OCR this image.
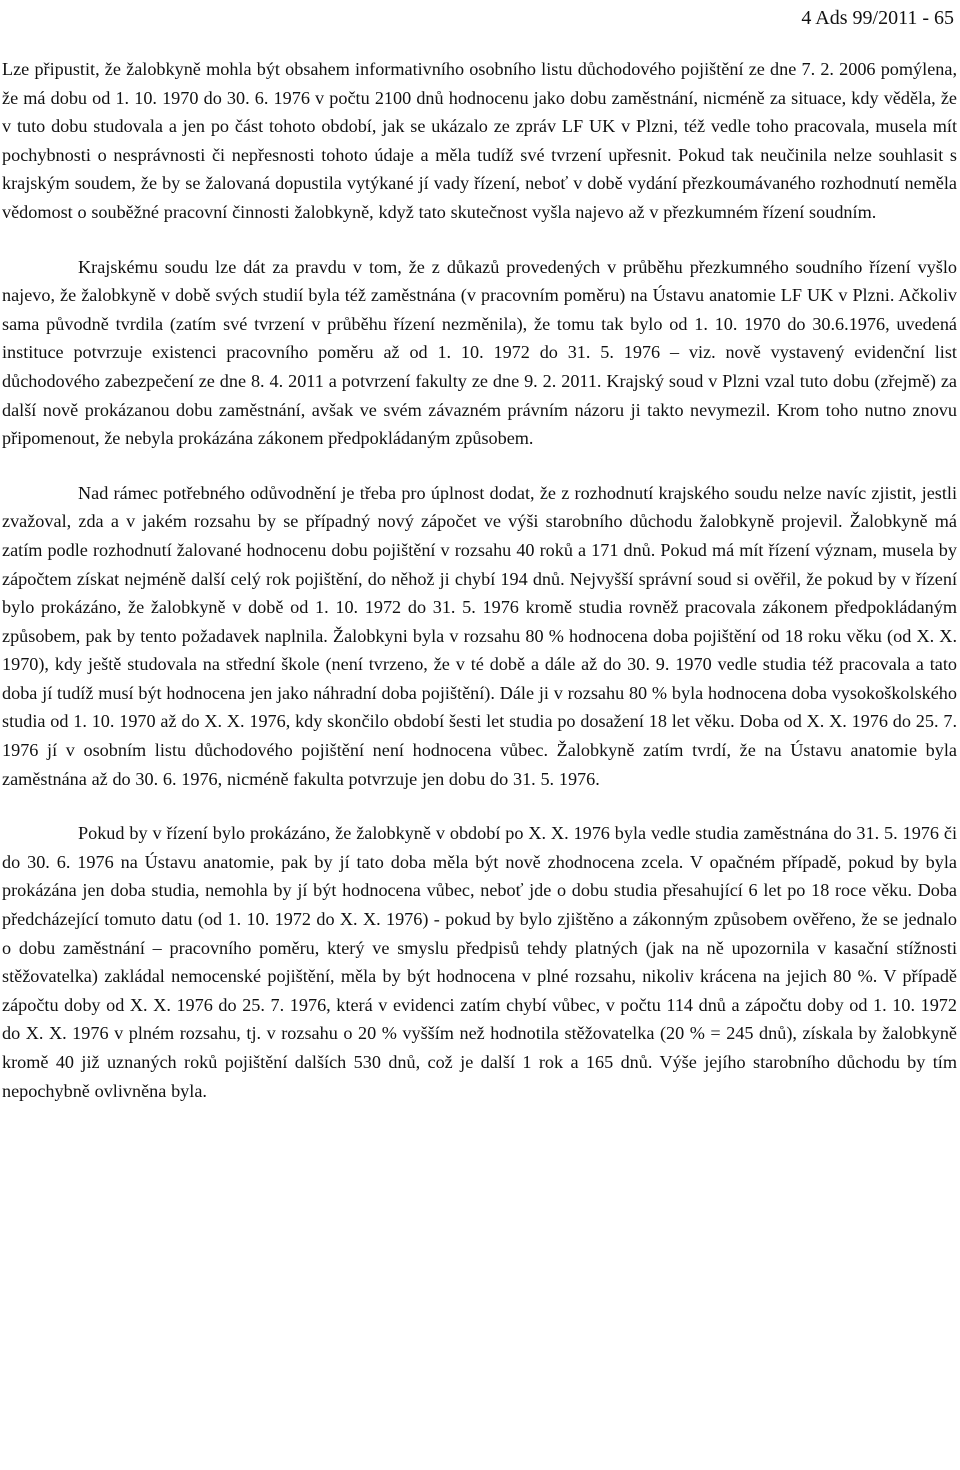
4 Ads 99/2011 - 65

Lze připustit, že žalobkyně mohla být obsahem informativního osobního listu důchodového pojištění ze dne 7. 2. 2006 pomýlena, že má dobu od 1. 10. 1970 do 30. 6. 1976 v počtu 2100 dnů hodnocenu jako dobu zaměstnání, nicméně za situace, kdy věděla, že v tuto dobu studovala a jen po část tohoto období, jak se ukázalo ze zpráv LF UK v Plzni, též vedle toho pracovala, musela mít pochybnosti o nesprávnosti či nepřesnosti tohoto údaje a měla tudíž své tvrzení upřesnit. Pokud tak neučinila nelze souhlasit s krajským soudem, že by se žalovaná dopustila vytýkané jí vady řízení, neboť v době vydání přezkoumávaného rozhodnutí neměla vědomost o souběžné pracovní činnosti žalobkyně, když tato skutečnost vyšla najevo až v přezkumném řízení soudním.

Krajskému soudu lze dát za pravdu v tom, že z důkazů provedených v průběhu přezkumného soudního řízení vyšlo najevo, že žalobkyně v době svých studií byla též zaměstnána (v pracovním poměru) na Ústavu anatomie LF UK v Plzni. Ačkoliv sama původně tvrdila (zatím své tvrzení v průběhu řízení nezměnila), že tomu tak bylo od 1. 10. 1970 do 30.6.1976, uvedená instituce potvrzuje existenci pracovního poměru až od 1. 10. 1972 do 31. 5. 1976 – viz. nově vystavený evidenční list důchodového zabezpečení ze dne 8. 4. 2011 a potvrzení fakulty ze dne 9. 2. 2011. Krajský soud v Plzni vzal tuto dobu (zřejmě) za další nově prokázanou dobu zaměstnání, avšak ve svém závazném právním názoru ji takto nevymezil. Krom toho nutno znovu připomenout, že nebyla prokázána zákonem předpokládaným způsobem.

Nad rámec potřebného odůvodnění je třeba pro úplnost dodat, že z rozhodnutí krajského soudu nelze navíc zjistit, jestli zvažoval, zda a v jakém rozsahu by se případný nový zápočet ve výši starobního důchodu žalobkyně projevil. Žalobkyně má zatím podle rozhodnutí žalované hodnocenu dobu pojištění v rozsahu 40 roků a 171 dnů. Pokud má mít řízení význam, musela by zápočtem získat nejméně další celý rok pojištění, do něhož ji chybí 194 dnů. Nejvyšší správní soud si ověřil, že pokud by v řízení bylo prokázáno, že žalobkyně v době od 1. 10. 1972 do 31. 5. 1976 kromě studia rovněž pracovala zákonem předpokládaným způsobem, pak by tento požadavek naplnila. Žalobkyni byla v rozsahu 80 % hodnocena doba pojištění od 18 roku věku (od X. X. 1970), kdy ještě studovala na střední škole (není tvrzeno, že v té době a dále až do 30. 9. 1970 vedle studia též pracovala a tato doba jí tudíž musí být hodnocena jen jako náhradní doba pojištění). Dále ji v rozsahu 80 % byla hodnocena doba vysokoškolského studia od 1. 10. 1970 až do X. X. 1976, kdy skončilo období šesti let studia po dosažení 18 let věku. Doba od X. X. 1976 do 25. 7. 1976 jí v osobním listu důchodového pojištění není hodnocena vůbec. Žalobkyně zatím tvrdí, že na Ústavu anatomie byla zaměstnána až do 30. 6. 1976, nicméně fakulta potvrzuje jen dobu do 31. 5. 1976.

Pokud by v řízení bylo prokázáno, že žalobkyně v období po X. X. 1976 byla vedle studia zaměstnána do 31. 5. 1976 či do 30. 6. 1976 na Ústavu anatomie, pak by jí tato doba měla být nově zhodnocena zcela. V opačném případě, pokud by byla prokázána jen doba studia, nemohla by jí být hodnocena vůbec, neboť jde o dobu studia přesahující 6 let po 18 roce věku. Doba předcházející tomuto datu (od 1. 10. 1972 do X. X. 1976) - pokud by bylo zjištěno a zákonným způsobem ověřeno, že se jednalo o dobu zaměstnání – pracovního poměru, který ve smyslu předpisů tehdy platných (jak na ně upozornila v kasační stížnosti stěžovatelka) zakládal nemocenské pojištění, měla by být hodnocena v plné rozsahu, nikoliv krácena na jejich 80 %. V případě zápočtu doby od X. X. 1976 do 25. 7. 1976, která v evidenci zatím chybí vůbec, v počtu 114 dnů a zápočtu doby od 1. 10. 1972 do X. X. 1976 v plném rozsahu, tj. v rozsahu o 20 % vyšším než hodnotila stěžovatelka (20 % = 245 dnů), získala by žalobkyně kromě 40 již uznaných roků pojištění dalších 530 dnů, což je další 1 rok a 165 dnů. Výše jejího starobního důchodu by tím nepochybně ovlivněna byla.
